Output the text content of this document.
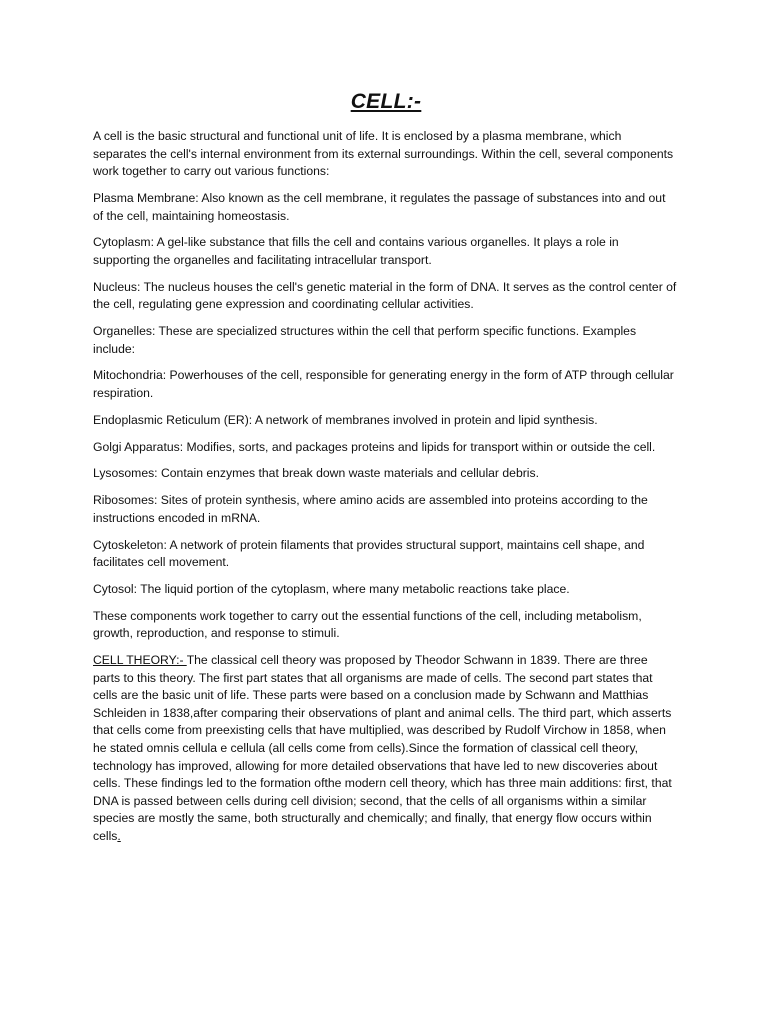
CELL:-

A cell is the basic structural and functional unit of life. It is enclosed by a plasma membrane, which separates the cell's internal environment from its external surroundings. Within the cell, several components work together to carry out various functions:

Plasma Membrane: Also known as the cell membrane, it regulates the passage of substances into and out of the cell, maintaining homeostasis.

Cytoplasm: A gel-like substance that fills the cell and contains various organelles. It plays a role in supporting the organelles and facilitating intracellular transport.

Nucleus: The nucleus houses the cell's genetic material in the form of DNA. It serves as the control center of the cell, regulating gene expression and coordinating cellular activities.

Organelles: These are specialized structures within the cell that perform specific functions. Examples include:

Mitochondria: Powerhouses of the cell, responsible for generating energy in the form of ATP through cellular respiration.

Endoplasmic Reticulum (ER): A network of membranes involved in protein and lipid synthesis.

Golgi Apparatus: Modifies, sorts, and packages proteins and lipids for transport within or outside the cell.

Lysosomes: Contain enzymes that break down waste materials and cellular debris.

Ribosomes: Sites of protein synthesis, where amino acids are assembled into proteins according to the instructions encoded in mRNA.

Cytoskeleton: A network of protein filaments that provides structural support, maintains cell shape, and facilitates cell movement.

Cytosol: The liquid portion of the cytoplasm, where many metabolic reactions take place.

These components work together to carry out the essential functions of the cell, including metabolism, growth, reproduction, and response to stimuli.

CELL THEORY:- The classical cell theory was proposed by Theodor Schwann in 1839. There are three parts to this theory. The first part states that all organisms are made of cells. The second part states that cells are the basic unit of life. These parts were based on a conclusion made by Schwann and Matthias Schleiden in 1838,after comparing their observations of plant and animal cells. The third part, which asserts that cells come from preexisting cells that have multiplied, was described by Rudolf Virchow in 1858, when he stated omnis cellula e cellula (all cells come from cells).Since the formation of classical cell theory, technology has improved, allowing for more detailed observations that have led to new discoveries about cells. These findings led to the formation ofthe modern cell theory, which has three main additions: first, that DNA is passed between cells during cell division; second, that the cells of all organisms within a similar species are mostly the same, both structurally and chemically; and finally, that energy flow occurs within cells.
